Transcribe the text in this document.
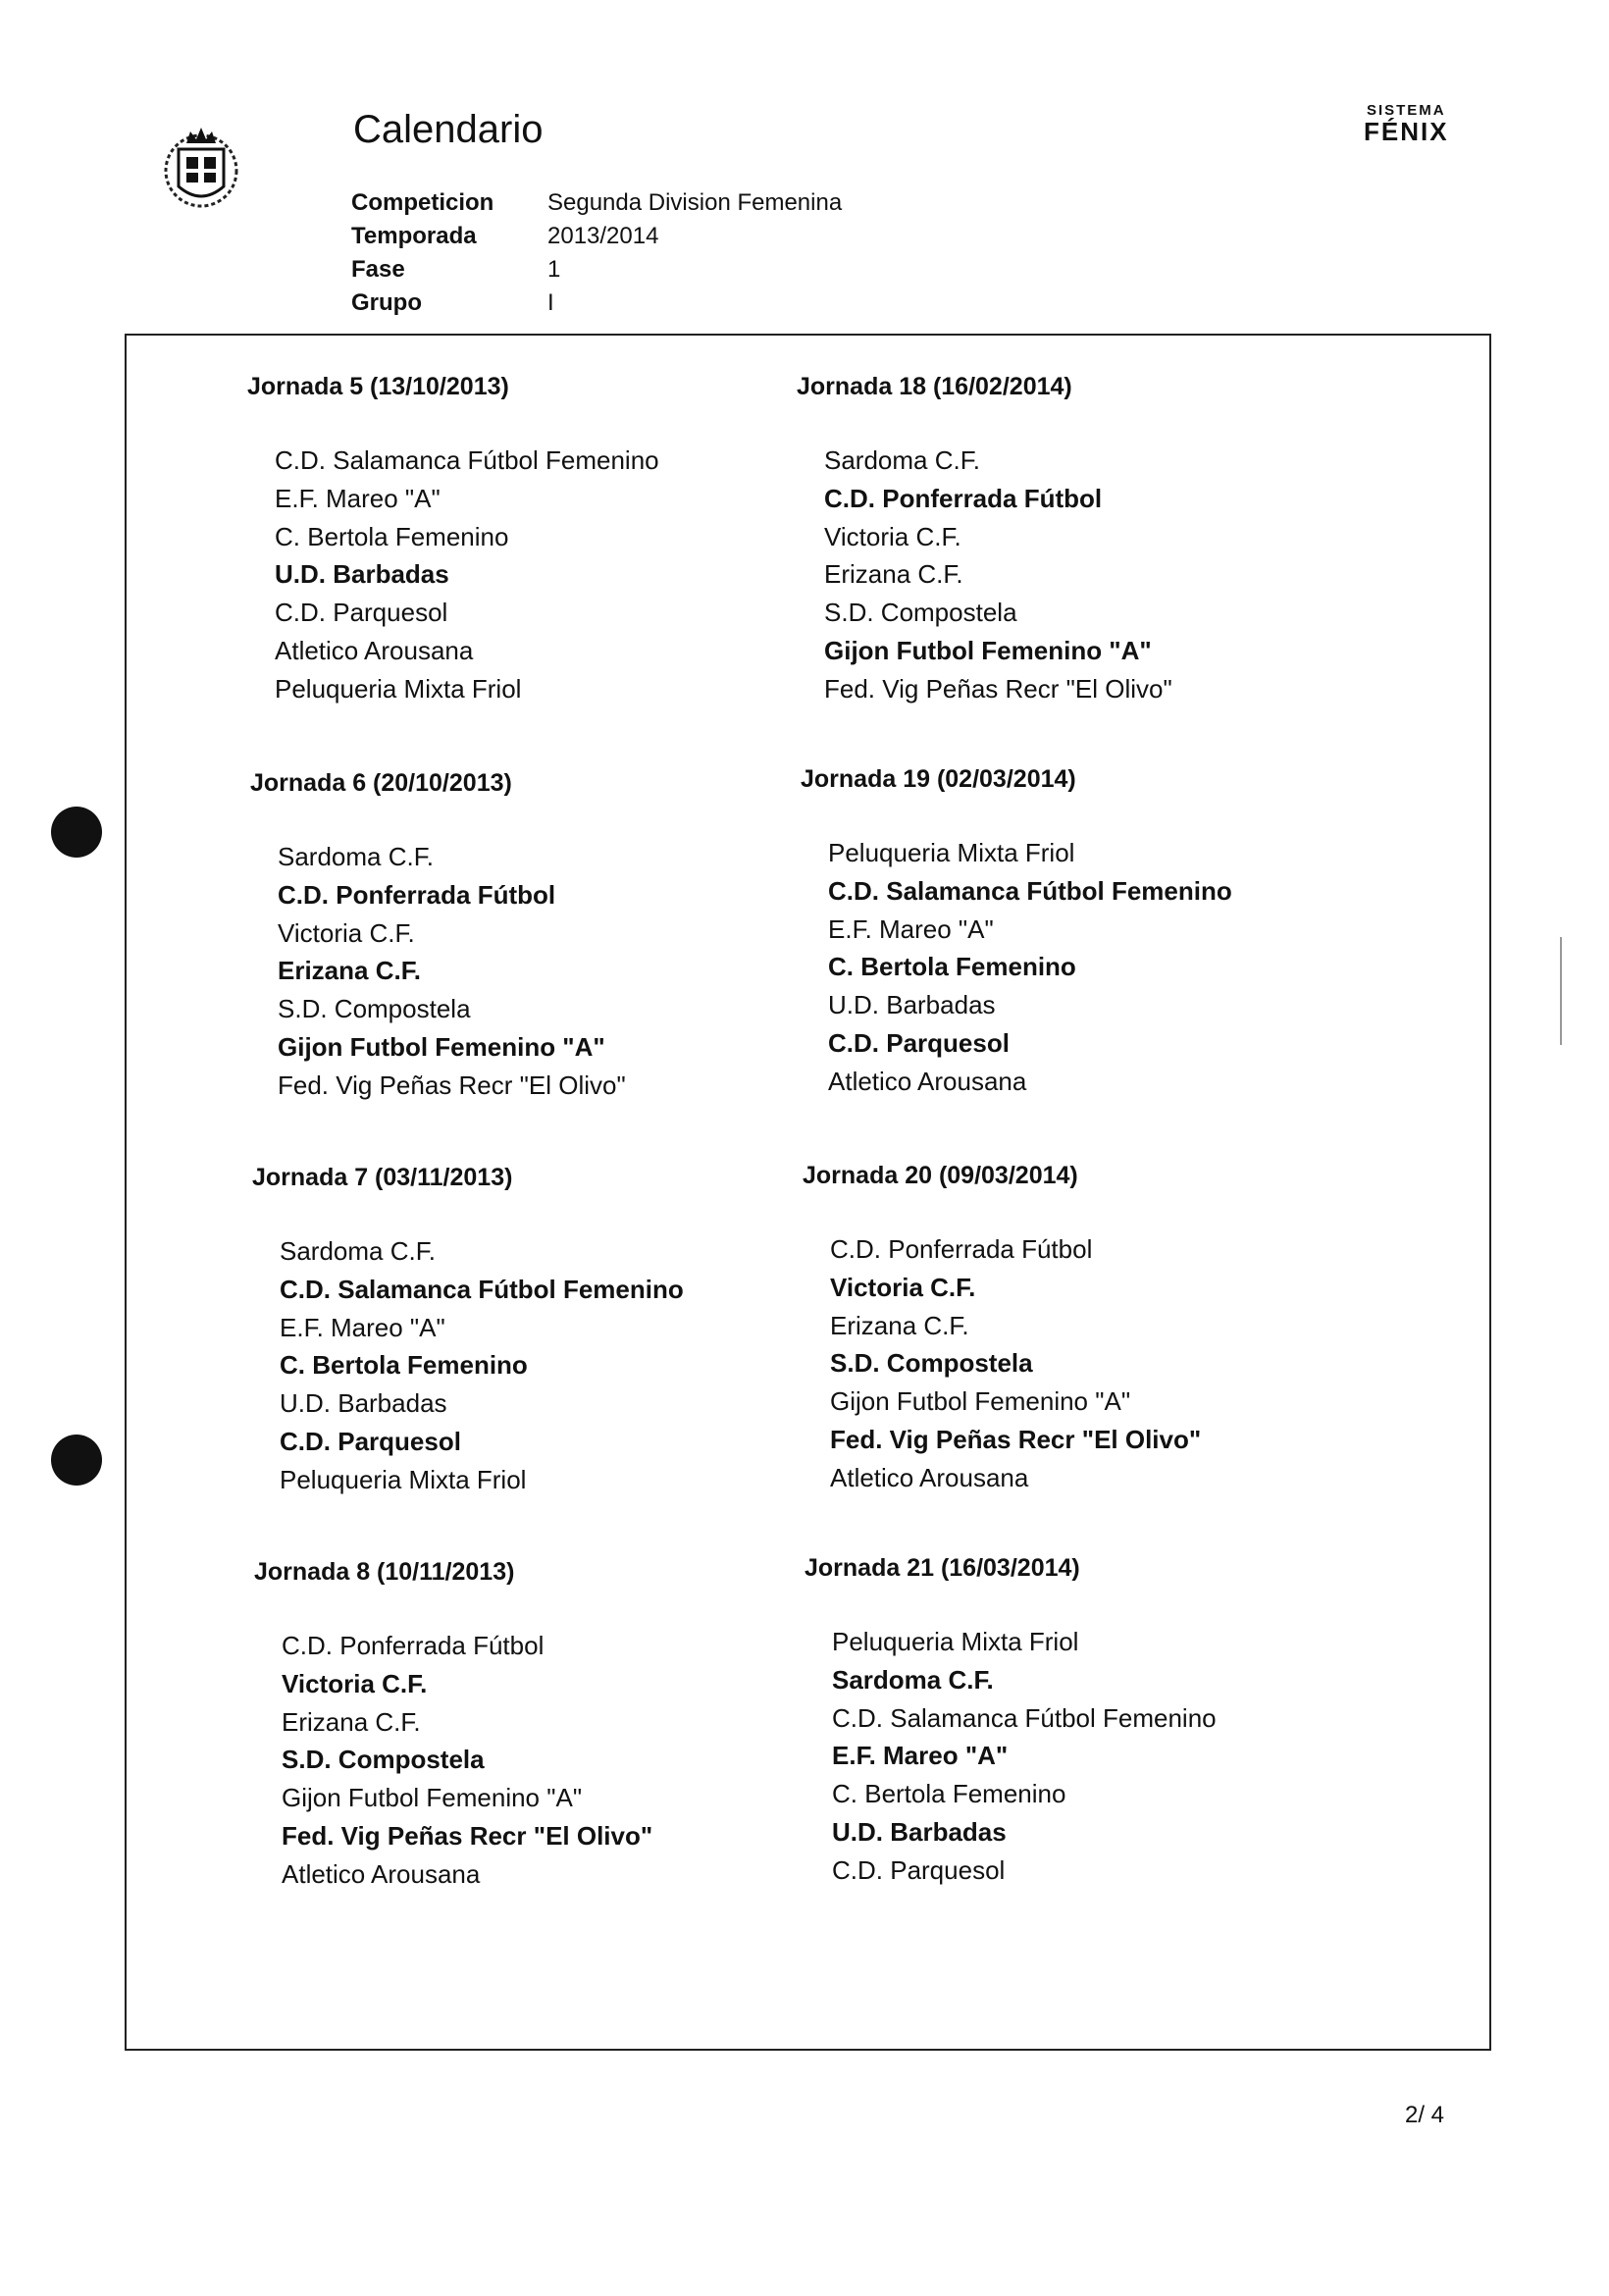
Calendario	SISTEMA
FÉNIX
Competicion	Segunda Division Femenina
Temporada	2013/2014
Fase	1
Grupo	I
Jornada 5 (13/10/2013)
C.D. Salamanca Fútbol Femenino
E.F. Mareo "A"
C. Bertola Femenino
U.D. Barbadas
C.D. Parquesol
Atletico Arousana
Peluqueria Mixta Friol
Jornada 18 (16/02/2014)
Sardoma C.F.
C.D. Ponferrada Fútbol
Victoria C.F.
Erizana C.F.
S.D. Compostela
Gijon Futbol Femenino "A"
Fed. Vig Peñas Recr "El Olivo"
Jornada 6 (20/10/2013)
Sardoma C.F.
C.D. Ponferrada Fútbol
Victoria C.F.
Erizana C.F.
S.D. Compostela
Gijon Futbol Femenino "A"
Fed. Vig Peñas Recr "El Olivo"
Jornada 19 (02/03/2014)
Peluqueria Mixta Friol
C.D. Salamanca Fútbol Femenino
E.F. Mareo "A"
C. Bertola Femenino
U.D. Barbadas
C.D. Parquesol
Atletico Arousana
Jornada 7 (03/11/2013)
Sardoma C.F.
C.D. Salamanca Fútbol Femenino
E.F. Mareo "A"
C. Bertola Femenino
U.D. Barbadas
C.D. Parquesol
Peluqueria Mixta Friol
Jornada 20 (09/03/2014)
C.D. Ponferrada Fútbol
Victoria C.F.
Erizana C.F.
S.D. Compostela
Gijon Futbol Femenino "A"
Fed. Vig Peñas Recr "El Olivo"
Atletico Arousana
Jornada 8 (10/11/2013)
C.D. Ponferrada Fútbol
Victoria C.F.
Erizana C.F.
S.D. Compostela
Gijon Futbol Femenino "A"
Fed. Vig Peñas Recr "El Olivo"
Atletico Arousana
Jornada 21 (16/03/2014)
Peluqueria Mixta Friol
Sardoma C.F.
C.D. Salamanca Fútbol Femenino
E.F. Mareo "A"
C. Bertola Femenino
U.D. Barbadas
C.D. Parquesol
2/ 4
